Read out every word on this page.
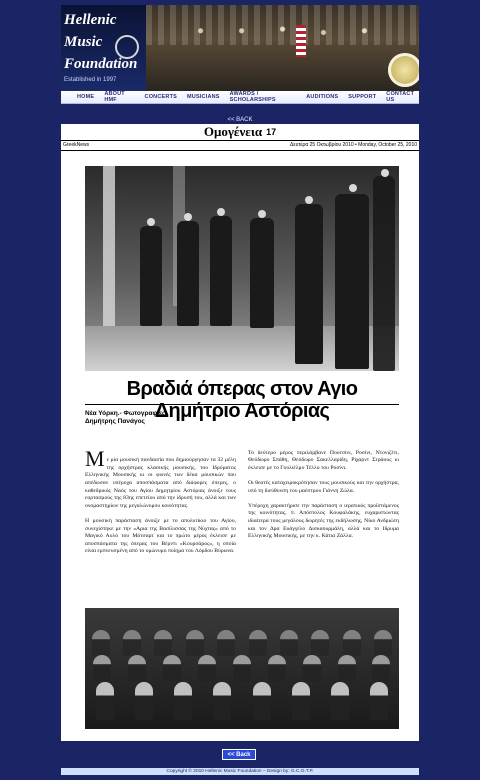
Hellenic
Music
Foundation
Established in 1997
HOME ABOUT HMF	CONCERTS MUSICIANS AWARDS / SCHOLARSHIPS	AUDITIONS SUPPORT CONTACT US
<< BACK
Ομογένεια 17
GreekNews	Δευτέρα 25 Οκτωβρίου 2010 • Monday, October 25, 2010
Βραδιά όπερας στον Αγιο Δημήτριο Αστόριας
Νέα Υόρκη.- Φωτογραφίες:
Δημήτρης Πανάγος

Μ ε μία μουσική πανδαισία που δημιούργησαν τα 32 μέλη της ορχήστρας κλασικής μουσικής, του Ιδρύματος Ελληνικής Μουσικής κι οι φωνές των δέκα μουσικών που απέδωσαν υπέροχα αποσπάσματα από διάφορες όπερες, ο καθεδρικός Ναός του Αγίου Δημητρίου Αστόριας άνοιξε τους εορτασμούς της 83ης επετείου από την ίδρυσή του, αλλά και των ονομαστηρίων της μεγαλώνυμου κοινότητας.

Η μουσική παράσταση άνοιξε με το απολυτίκιο του Αγίου, συνεχίστηκε με την «Αρια της Βασίλισσας της Νύχτας» από το Μαγικό Αυλό του Μότσαρτ και το πρώτο μέρος έκλεισε με αποσπάσματα της όπερας του Βέρντι «Κουρσάρος», η οποία είναι εμπνευσμένη από το ομώνυμο ποίημα του Λόρδου Βύρωνα.

Το δεύτερο μέρος περιλάμβανε Πουτσίνι, Ροσίνι, Ντονιζέτι, Θεόδωρο Σπάθη, Θεόδωρο Σακελλαρίδη, Ρίχαρντ Στράους κι έκλεισε με το Γουλιέλμο Τέλλο του Ροσίνι.

Οι θεατές καταχειροκρότησαν τους μουσικούς και την ορχήστρα, υπό τη διεύθυνση του μαέστρου Γιάννη Ζώλα.

Υπέροχη χαρακτήρισε την παράσταση ο ιερατικός προϊστάμενος της κοινότητας, π. Απόστολος Κουφαλάκης, ευχαριστώντας ιδιαίτερα τους μεγάλους δωρητές της εκδήλωσης, Νίκο Ανδριώτη και τον Δρα Ευάγγελο Δισκαουρμάλη, αλλά και το Ιδρυμα Ελληνικής Μουσικής, με την κ. Κάτια Ζάλλα.

<< Back
Copyright © 2010 Hellenic Music Foundation – Design by: G.C.O.T.P.
